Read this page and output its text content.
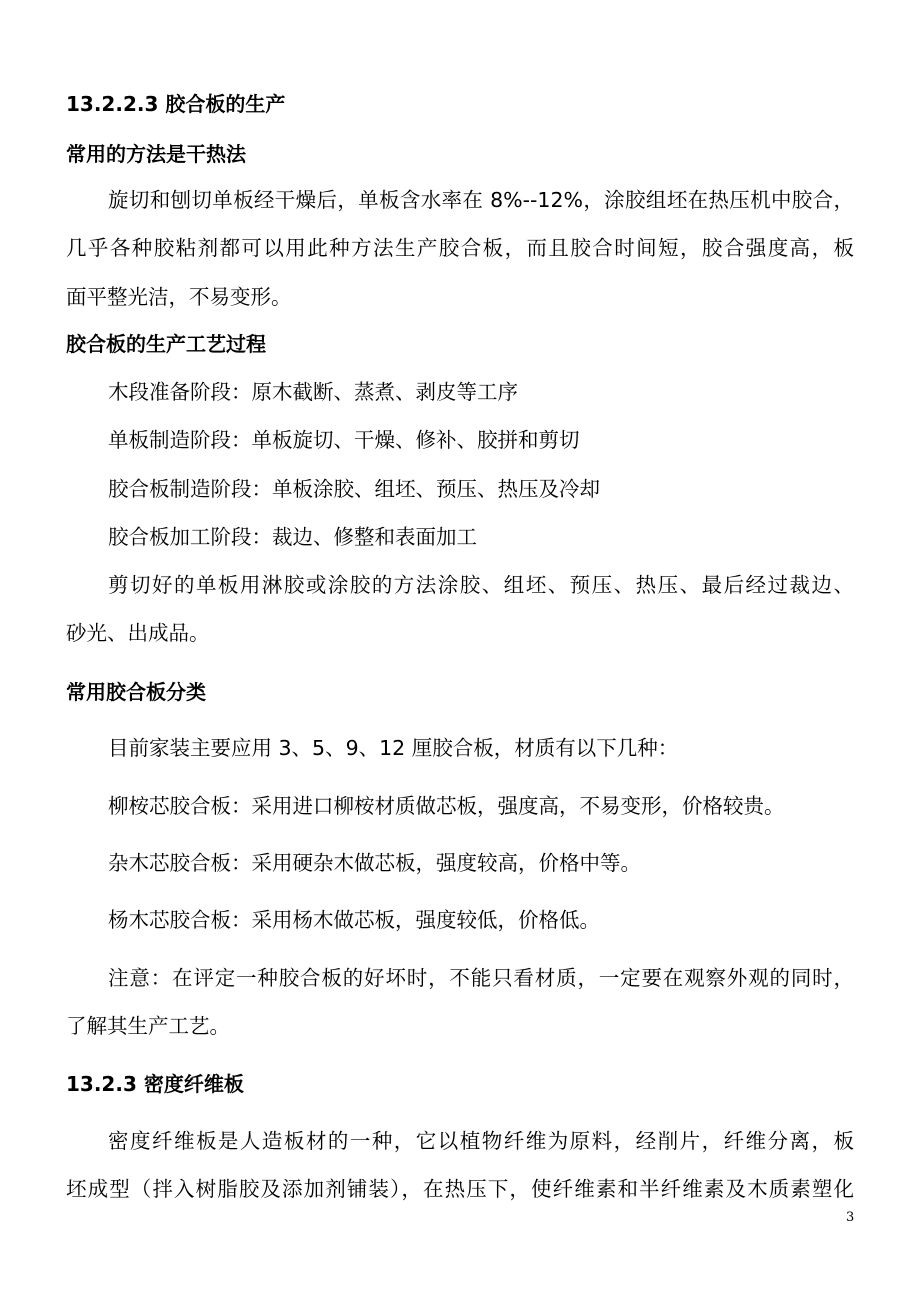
13.2.2.3 胶合板的生产
常用的方法是干热法
旋切和刨切单板经干燥后，单板含水率在 8%--12%，涂胶组坯在热压机中胶合，
几乎各种胶粘剂都可以用此种方法生产胶合板，而且胶合时间短，胶合强度高，板
面平整光洁，不易变形。
胶合板的生产工艺过程
木段准备阶段：原木截断、蒸煮、剥皮等工序
单板制造阶段：单板旋切、干燥、修补、胶拼和剪切
胶合板制造阶段：单板涂胶、组坯、预压、热压及冷却
胶合板加工阶段：裁边、修整和表面加工
剪切好的单板用淋胶或涂胶的方法涂胶、组坯、预压、热压、最后经过裁边、
砂光、出成品。
常用胶合板分类
目前家装主要应用 3、5、9、12 厘胶合板，材质有以下几种：
柳桉芯胶合板：采用进口柳桉材质做芯板，强度高，不易变形，价格较贵。
杂木芯胶合板：采用硬杂木做芯板，强度较高，价格中等。
杨木芯胶合板：采用杨木做芯板，强度较低，价格低。
注意：在评定一种胶合板的好坏时，不能只看材质，一定要在观察外观的同时，
了解其生产工艺。
13.2.3 密度纤维板
密度纤维板是人造板材的一种，它以植物纤维为原料，经削片，纤维分离，板
坯成型（拌入树脂胶及添加剂铺装），在热压下，使纤维素和半纤维素及木质素塑化
3
